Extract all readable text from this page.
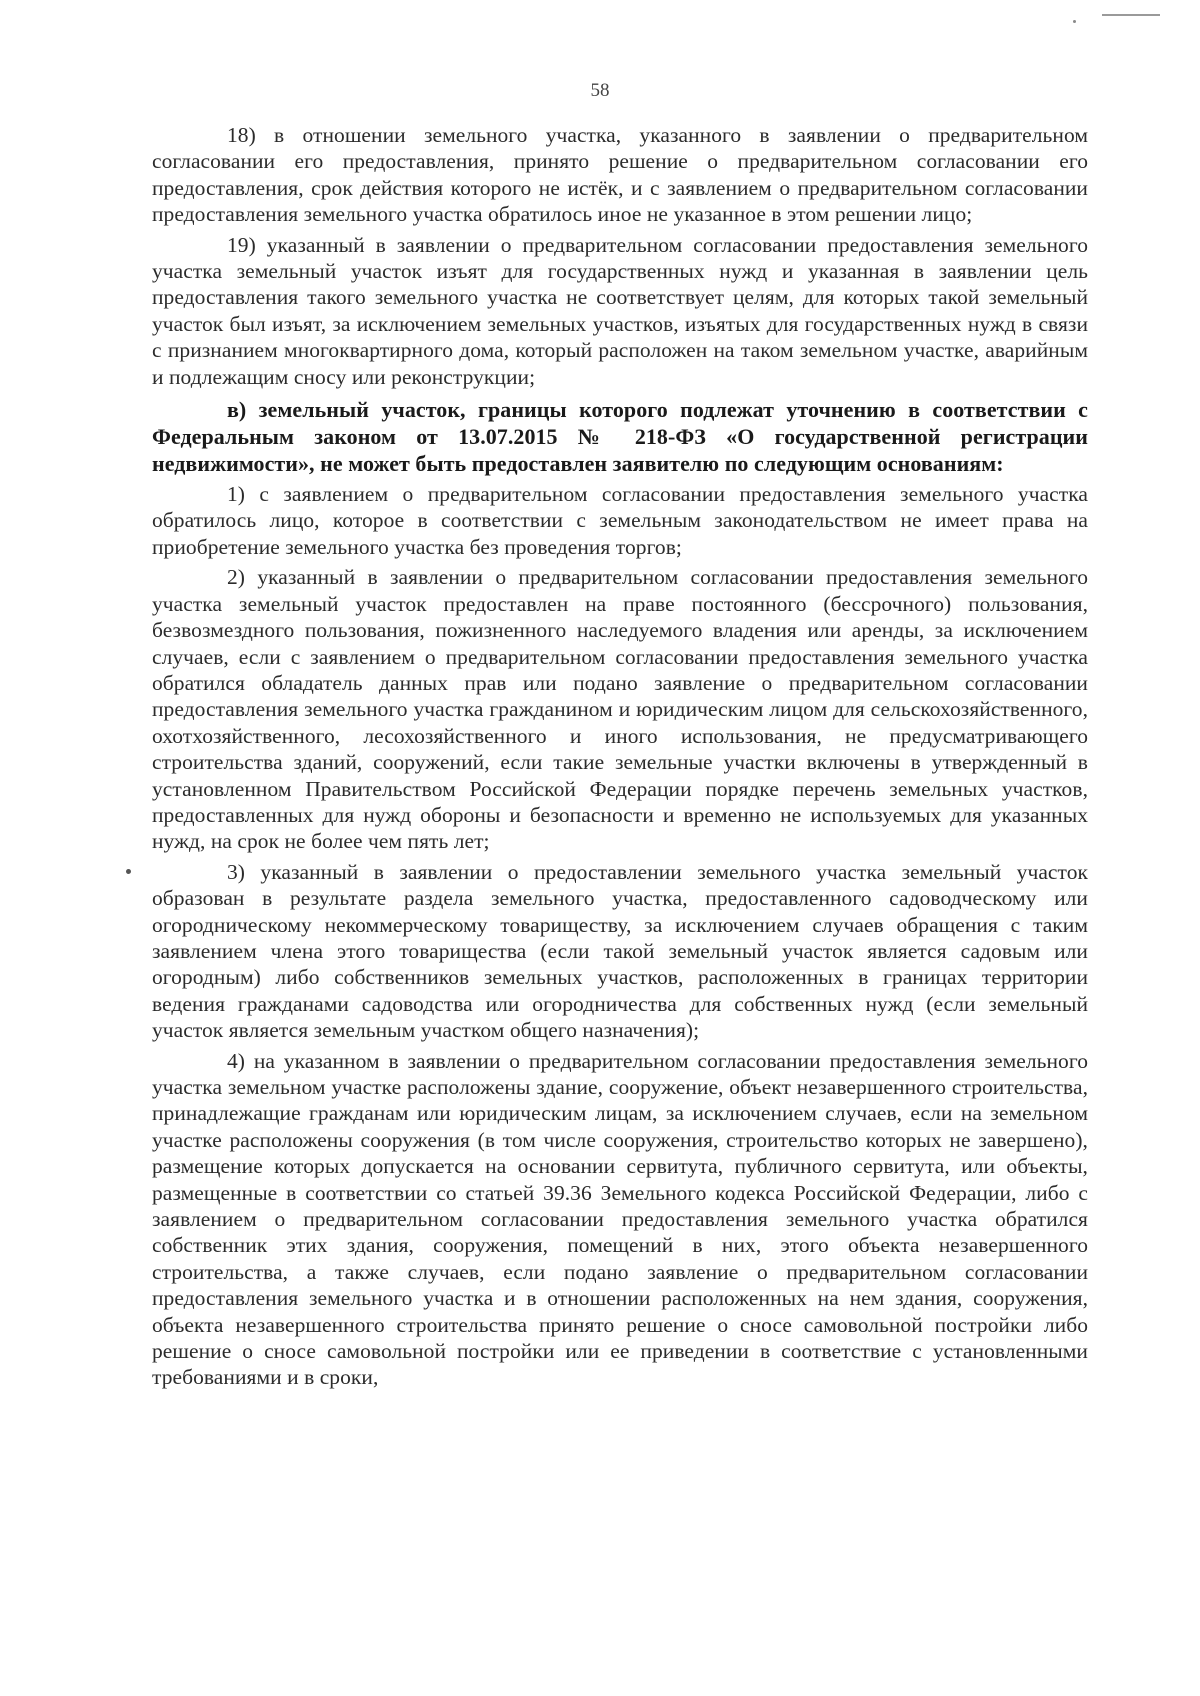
58

18) в отношении земельного участка, указанного в заявлении о предварительном согласовании его предоставления, принято решение о предварительном согласовании его предоставления, срок действия которого не истёк, и с заявлением о предварительном согласовании предоставления земельного участка обратилось иное не указанное в этом решении лицо;

19) указанный в заявлении о предварительном согласовании предоставления земельного участка земельный участок изъят для государственных нужд и указанная в заявлении цель предоставления такого земельного участка не соответствует целям, для которых такой земельный участок был изъят, за исключением земельных участков, изъятых для государственных нужд в связи с признанием многоквартирного дома, который расположен на таком земельном участке, аварийным и подлежащим сносу или реконструкции;

в) земельный участок, границы которого подлежат уточнению в соответствии с Федеральным законом от 13.07.2015 № 218-ФЗ «О государственной регистрации недвижимости», не может быть предоставлен заявителю по следующим основаниям:

1) с заявлением о предварительном согласовании предоставления земельного участка обратилось лицо, которое в соответствии с земельным законодательством не имеет права на приобретение земельного участка без проведения торгов;

2) указанный в заявлении о предварительном согласовании предоставления земельного участка земельный участок предоставлен на праве постоянного (бессрочного) пользования, безвозмездного пользования, пожизненного наследуемого владения или аренды, за исключением случаев, если с заявлением о предварительном согласовании предоставления земельного участка обратился обладатель данных прав или подано заявление о предварительном согласовании предоставления земельного участка гражданином и юридическим лицом для сельскохозяйственного, охотхозяйственного, лесохозяйственного и иного использования, не предусматривающего строительства зданий, сооружений, если такие земельные участки включены в утвержденный в установленном Правительством Российской Федерации порядке перечень земельных участков, предоставленных для нужд обороны и безопасности и временно не используемых для указанных нужд, на срок не более чем пять лет;

3) указанный в заявлении о предоставлении земельного участка земельный участок образован в результате раздела земельного участка, предоставленного садоводческому или огородническому некоммерческому товариществу, за исключением случаев обращения с таким заявлением члена этого товарищества (если такой земельный участок является садовым или огородным) либо собственников земельных участков, расположенных в границах территории ведения гражданами садоводства или огородничества для собственных нужд (если земельный участок является земельным участком общего назначения);

4) на указанном в заявлении о предварительном согласовании предоставления земельного участка земельном участке расположены здание, сооружение, объект незавершенного строительства, принадлежащие гражданам или юридическим лицам, за исключением случаев, если на земельном участке расположены сооружения (в том числе сооружения, строительство которых не завершено), размещение которых допускается на основании сервитута, публичного сервитута, или объекты, размещенные в соответствии со статьей 39.36 Земельного кодекса Российской Федерации, либо с заявлением о предварительном согласовании предоставления земельного участка обратился собственник этих здания, сооружения, помещений в них, этого объекта незавершенного строительства, а также случаев, если подано заявление о предварительном согласовании предоставления земельного участка и в отношении расположенных на нем здания, сооружения, объекта незавершенного строительства принято решение о сносе самовольной постройки либо решение о сносе самовольной постройки или ее приведении в соответствие с установленными требованиями и в сроки,
